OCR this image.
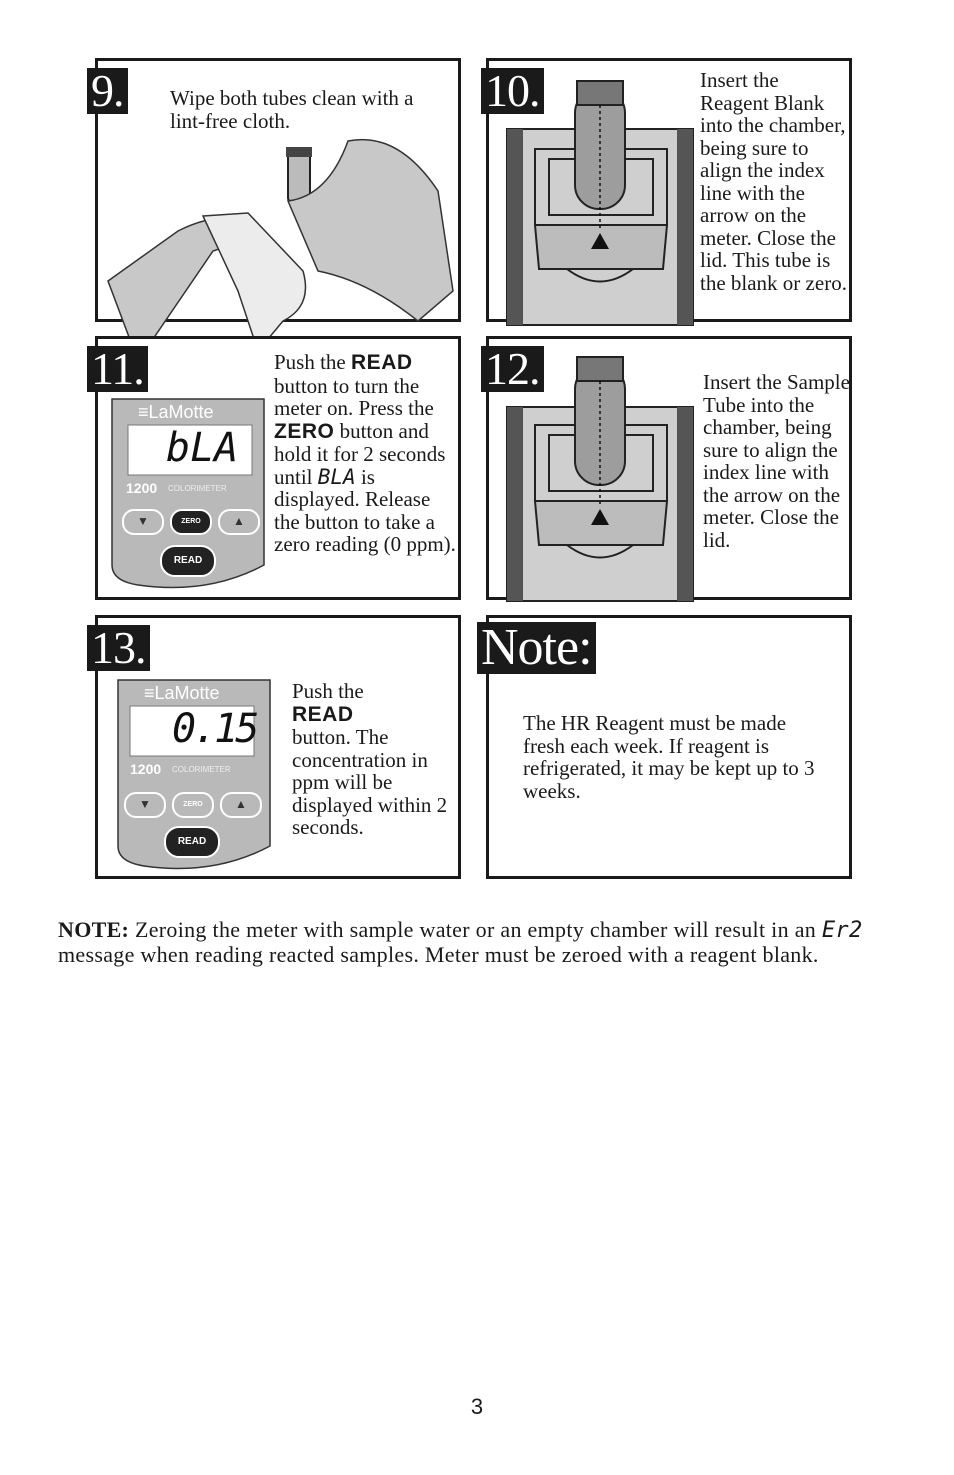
9. Wipe both tubes clean with a lint-free cloth.
10.	Insert the Reagent Blank into the chamber, being sure to align the index line with the arrow on the meter. Close the lid. This tube is the blank or zero.
11.
≡LaMotte
bLA
1200 COLORIMETER
▼	ZERO	▲
READ
Push the READ button to turn the meter on. Press the ZERO button and hold it for 2 seconds until BLA is displayed. Release the button to take a zero reading (0 ppm).
12.	Insert the Sample Tube into the chamber, being sure to align the index line with the arrow on the meter. Close the lid.
13.
≡LaMotte
0.15
1200 COLORIMETER
▼	ZERO	▲
READ
Push the
READ
button. The concentration in ppm will be displayed within 2 seconds.
Note:
The HR Reagent must be made fresh each week. If reagent is refrigerated, it may be kept up to 3 weeks.
NOTE: Zeroing the meter with sample water or an empty chamber will result in an Er2 message when reading reacted samples. Meter must be zeroed with a reagent blank.
3
